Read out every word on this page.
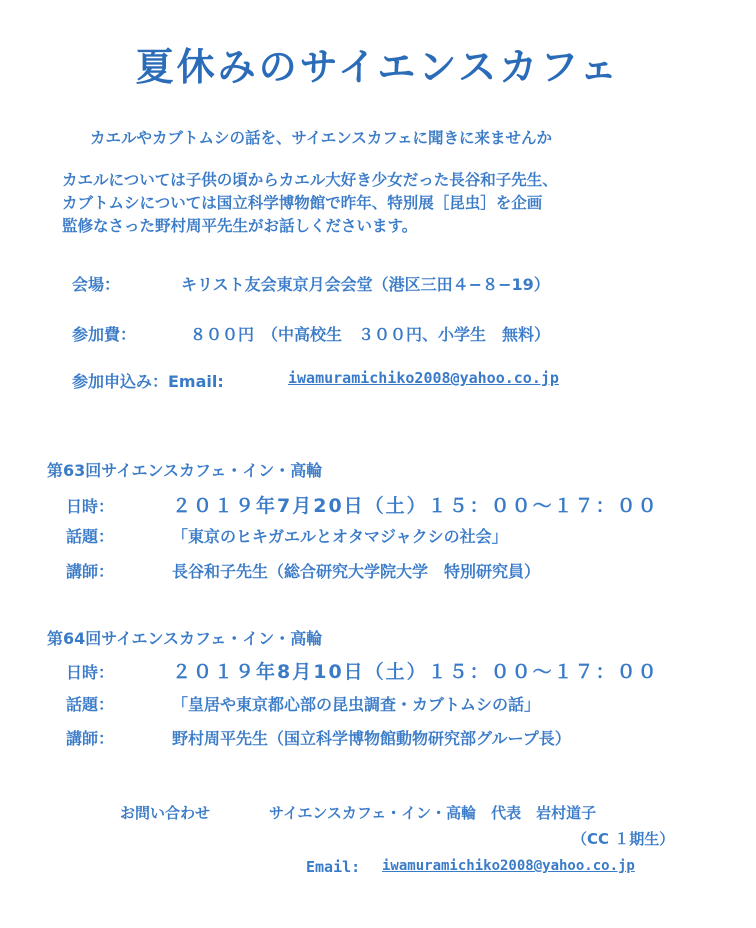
夏休みのサイエンスカフェ
カエルやカブトムシの話を、サイエンスカフェに聞きに来ませんか
カエルについては子供の頃からカエル大好き少女だった長谷和子先生、
カブトムシについては国立科学博物館で昨年、特別展［昆虫］を企画
監修なさった野村周平先生がお話しくださいます。
会場：	キリスト友会東京月会会堂（港区三田４−８−19）
参加費：	８００円　（中高校生　３００円、小学生　無料）
参加申込み：Email:	iwamuramichiko2008@yahoo.co.jp
第63回サイエンスカフェ・イン・高輪
日時：	２０１９年7月20日（土）１５：００〜１７：００
話題：	「東京のヒキガエルとオタマジャクシの社会」
講師：	長谷和子先生（総合研究大学院大学　特別研究員）
第64回サイエンスカフェ・イン・高輪
日時：	２０１９年8月10日（土）１５：００〜１７：００
話題：	「皇居や東京都心部の昆虫調査・カブトムシの話」
講師：	野村周平先生（国立科学博物館動物研究部グループ長）
お問い合わせ	サイエンスカフェ・イン・高輪　代表　岩村道子
（CC １期生）
Email: iwamuramichiko2008@yahoo.co.jp
